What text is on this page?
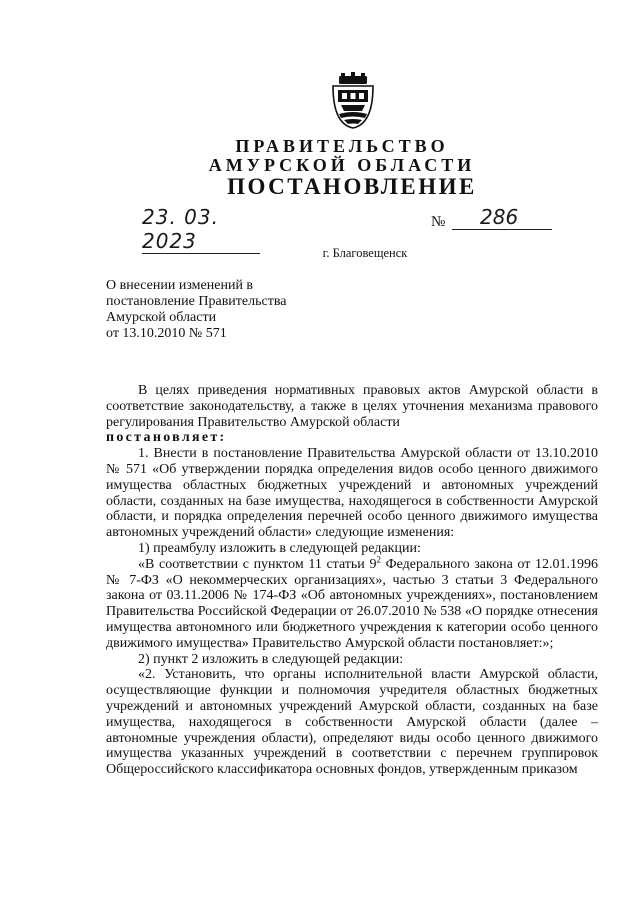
ПРАВИТЕЛЬСТВО
АМУРСКОЙ ОБЛАСТИ
ПОСТАНОВЛЕНИЕ
23. 03. 2023
№	286
г. Благовещенск
О внесении изменений в
постановление Правительства
Амурской области
от 13.10.2010 № 571

В целях приведения нормативных правовых актов Амурской области в соответствие законодательству, а также в целях уточнения механизма правового регулирования Правительство Амурской области

постановляет:

1. Внести в постановление Правительства Амурской области от 13.10.2010 № 571 «Об утверждении порядка определения видов особо ценного движимого имущества областных бюджетных учреждений и автономных учреждений области, созданных на базе имущества, находящегося в собственности Амурской области, и порядка определения перечней особо ценного движимого имущества автономных учреждений области» следующие изменения:

1) преамбулу изложить в следующей редакции:

«В соответствии с пунктом 11 статьи $9^2$ Федерального закона от 12.01.1996 № 7-ФЗ «О некоммерческих организациях», частью 3 статьи 3 Федерального закона от 03.11.2006 № 174-ФЗ «Об автономных учреждениях», постановлением Правительства Российской Федерации от 26.07.2010 № 538 «О порядке отнесения имущества автономного или бюджетного учреждения к категории особо ценного движимого имущества» Правительство Амурской области постановляет:»;

2) пункт 2 изложить в следующей редакции:

«2. Установить, что органы исполнительной власти Амурской области, осуществляющие функции и полномочия учредителя областных бюджетных учреждений и автономных учреждений Амурской области, созданных на базе имущества, находящегося в собственности Амурской области (далее – автономные учреждения области), определяют виды особо ценного движимого имущества указанных учреждений в соответствии с перечнем группировок Общероссийского классификатора основных фондов, утвержденным приказом
